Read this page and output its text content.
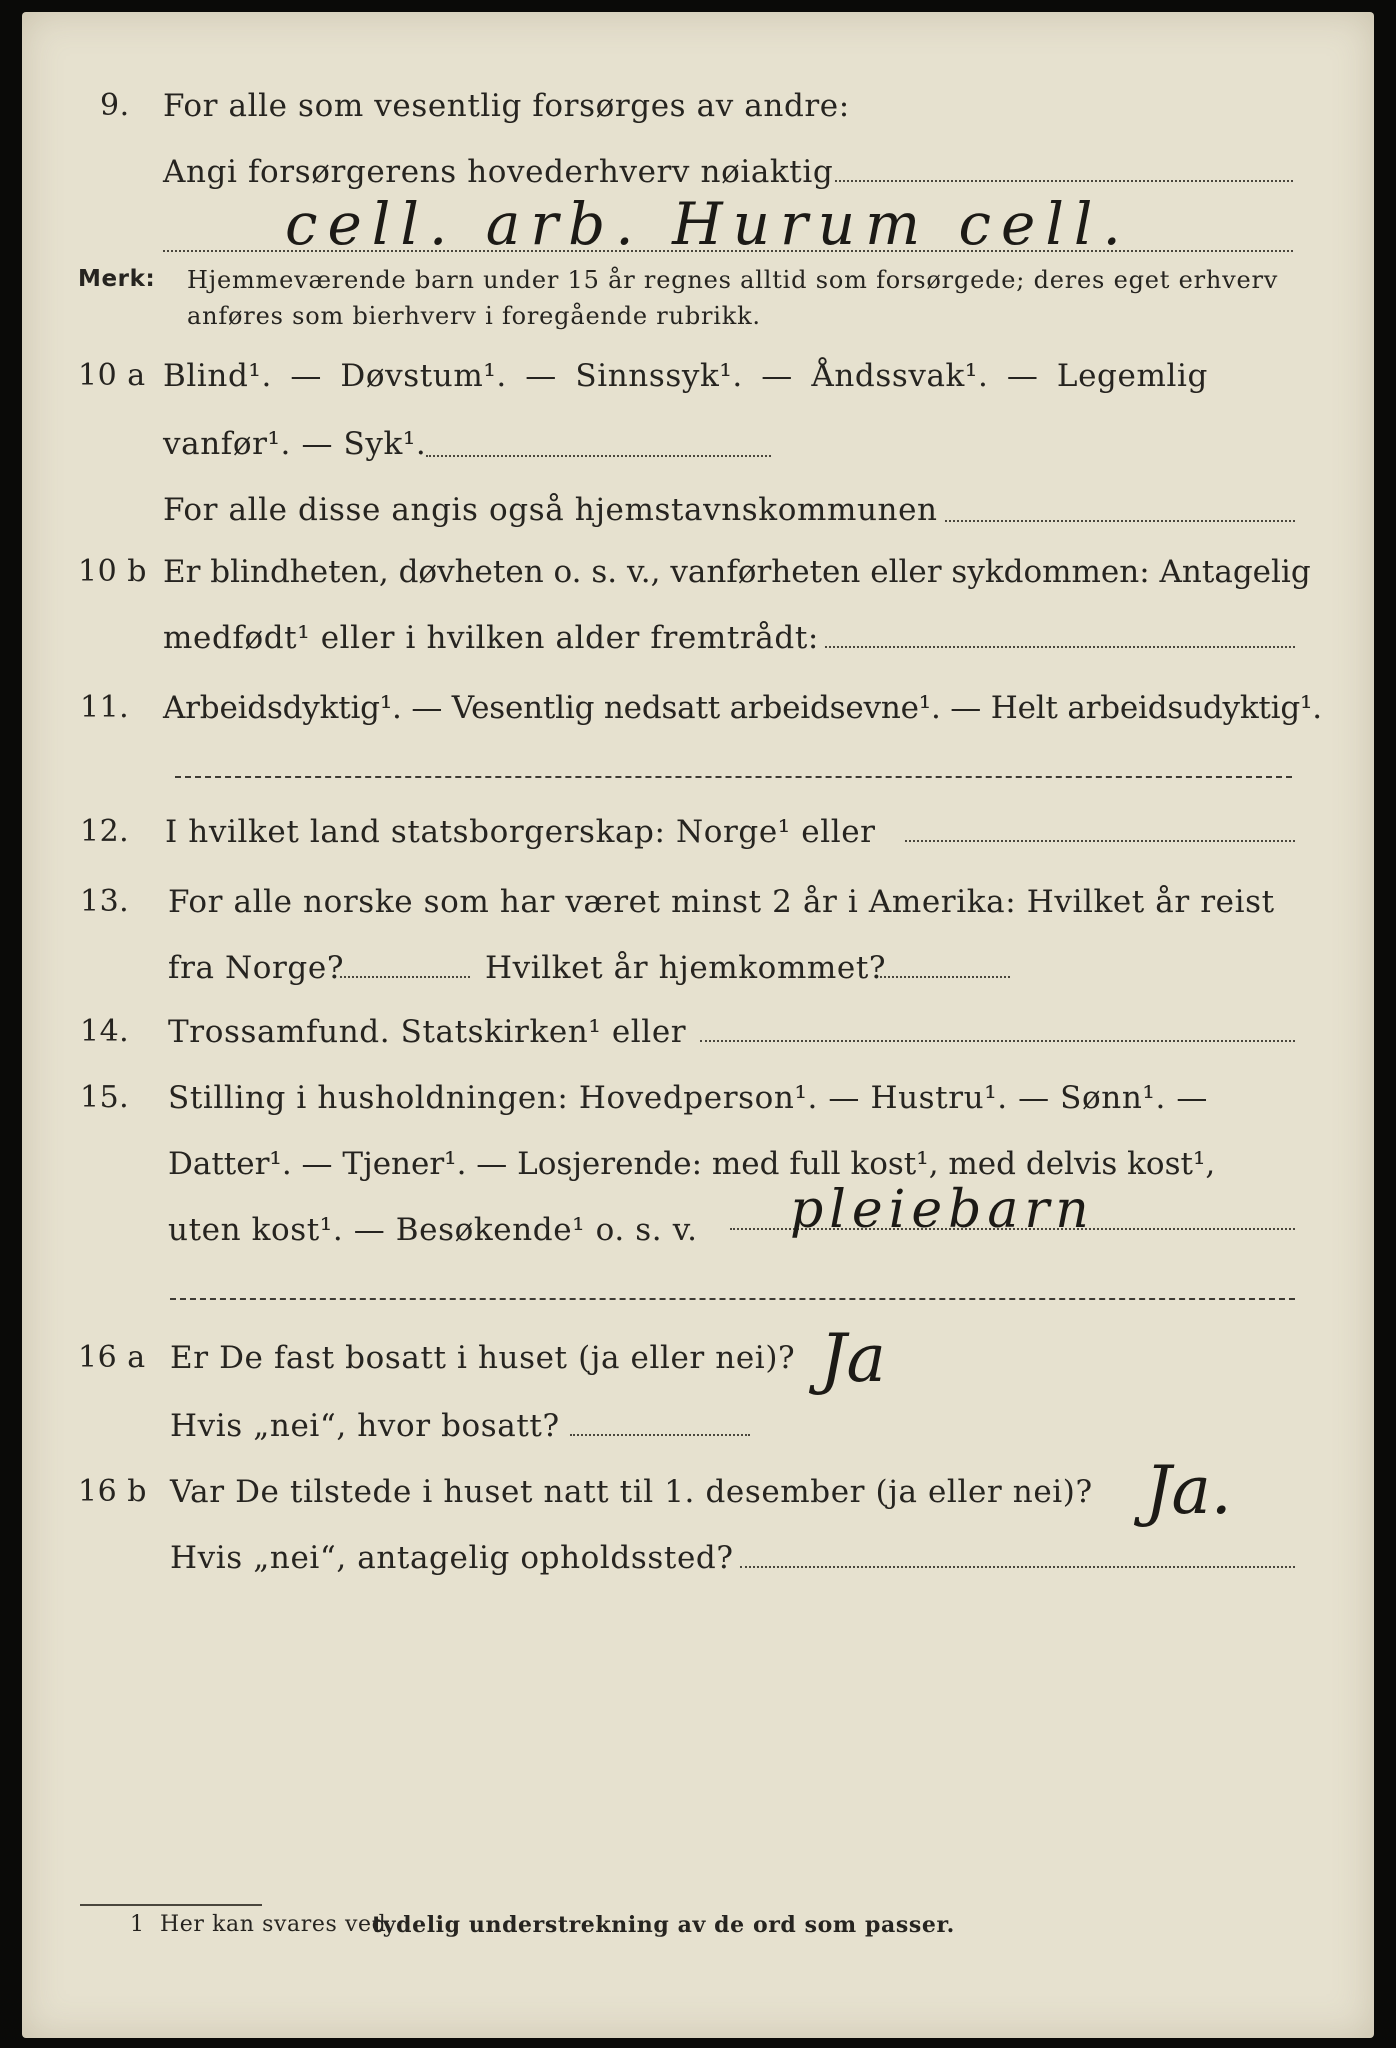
9. For alle som vesentlig forsørges av andre:
Angi forsørgerens hovederhverv nøiaktig
cell. arb. Hurum cell.
Merk: Hjemmeværende barn under 15 år regnes alltid som forsørgede; deres eget erhverv
anføres som bierhverv i foregående rubrikk.
10 a Blind¹. — Døvstum¹. — Sinnssyk¹. — Åndssvak¹. — Legemlig
vanfør¹. — Syk¹.
For alle disse angis også hjemstavnskommunen
10 b Er blindheten, døvheten o. s. v., vanførheten eller sykdommen: Antagelig
medfødt¹ eller i hvilken alder fremtrådt:
11. Arbeidsdyktig¹. — Vesentlig nedsatt arbeidsevne¹. — Helt arbeidsudyktig¹.
12. I hvilket land statsborgerskap: Norge¹ eller
13. For alle norske som har været minst 2 år i Amerika: Hvilket år reist
fra Norge?	Hvilket år hjemkommet?
14. Trossamfund. Statskirken¹ eller
15. Stilling i husholdningen: Hovedperson¹. — Hustru¹. — Sønn¹. —
Datter¹. — Tjener¹. — Losjerende: med full kost¹, med delvis kost¹,
uten kost¹. — Besøkende¹ o. s. v. pleiebarn
16 a Er De fast bosatt i huset (ja eller nei)? Ja
Hvis „nei“, hvor bosatt?
16 b Var De tilstede i huset natt til 1. desember (ja eller nei)? Ja.
Hvis „nei“, antagelig opholdssted?
1 Her kan svares ved
tydelig understrekning av de ord som passer.
